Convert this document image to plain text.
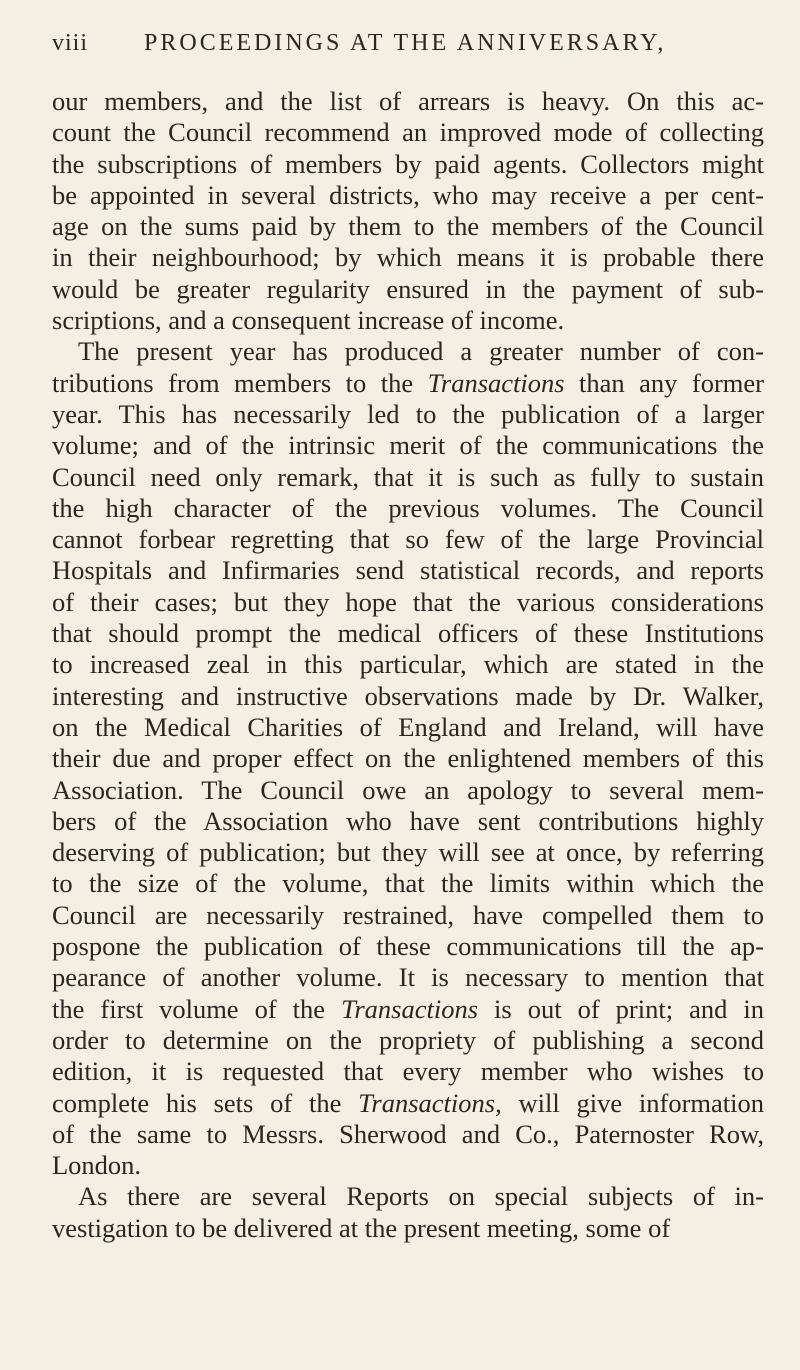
viii PROCEEDINGS AT THE ANNIVERSARY,
our members, and the list of arrears is heavy. On this ac-
count the Council recommend an improved mode of collecting
the subscriptions of members by paid agents. Collectors might
be appointed in several districts, who may receive a per cent-
age on the sums paid by them to the members of the Council
in their neighbourhood; by which means it is probable there
would be greater regularity ensured in the payment of sub-
scriptions, and a consequent increase of income.
The present year has produced a greater number of con-
tributions from members to the Transactions than any former
year. This has necessarily led to the publication of a larger
volume; and of the intrinsic merit of the communications the
Council need only remark, that it is such as fully to sustain
the high character of the previous volumes. The Council
cannot forbear regretting that so few of the large Provincial
Hospitals and Infirmaries send statistical records, and reports
of their cases; but they hope that the various considerations
that should prompt the medical officers of these Institutions
to increased zeal in this particular, which are stated in the
interesting and instructive observations made by Dr. Walker,
on the Medical Charities of England and Ireland, will have
their due and proper effect on the enlightened members of this
Association. The Council owe an apology to several mem-
bers of the Association who have sent contributions highly
deserving of publication; but they will see at once, by referring
to the size of the volume, that the limits within which the
Council are necessarily restrained, have compelled them to
pospone the publication of these communications till the ap-
pearance of another volume. It is necessary to mention that
the first volume of the Transactions is out of print; and in
order to determine on the propriety of publishing a second
edition, it is requested that every member who wishes to
complete his sets of the Transactions, will give information
of the same to Messrs. Sherwood and Co., Paternoster Row,
London.
As there are several Reports on special subjects of in-
vestigation to be delivered at the present meeting, some of
